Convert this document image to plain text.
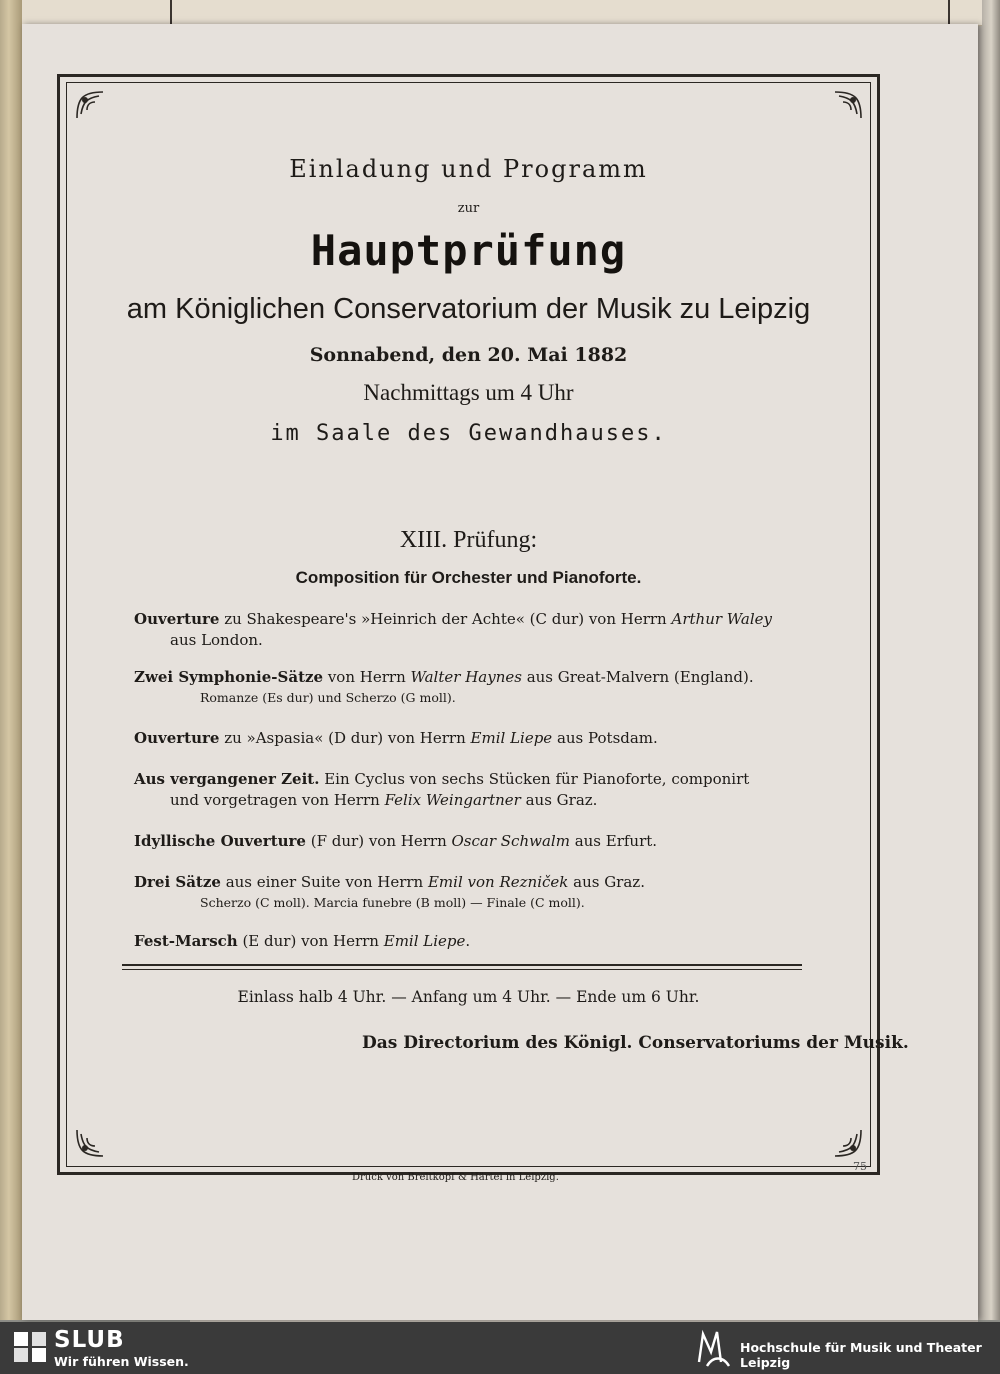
Einladung und Programm
zur
Hauptprüfung
am Königlichen Conservatorium der Musik zu Leipzig
Sonnabend, den 20. Mai 1882
Nachmittags um 4 Uhr
im Saale des Gewandhauses.
XIII. Prüfung:
Composition für Orchester und Pianoforte.
Ouverture zu Shakespeare's »Heinrich der Achte« (C dur) von Herrn Arthur Waley
aus London.
Zwei Symphonie-Sätze von Herrn Walter Haynes aus Great-Malvern (England).
Romanze (Es dur) und Scherzo (G moll).
Ouverture zu »Aspasia« (D dur) von Herrn Emil Liepe aus Potsdam.
Aus vergangener Zeit. Ein Cyclus von sechs Stücken für Pianoforte, componirt
und vorgetragen von Herrn Felix Weingartner aus Graz.
Idyllische Ouverture (F dur) von Herrn Oscar Schwalm aus Erfurt.
Drei Sätze aus einer Suite von Herrn Emil von Rezniček aus Graz.
Scherzo (C moll). Marcia funebre (B moll) — Finale (C moll).
Fest-Marsch (E dur) von Herrn Emil Liepe.
Einlass halb 4 Uhr. — Anfang um 4 Uhr. — Ende um 6 Uhr.
Das Directorium des Königl. Conservatoriums der Musik.
Druck von Breitkopf & Härtel in Leipzig.
75
SLUB
Wir führen Wissen.
Hochschule für Musik und Theater Leipzig
